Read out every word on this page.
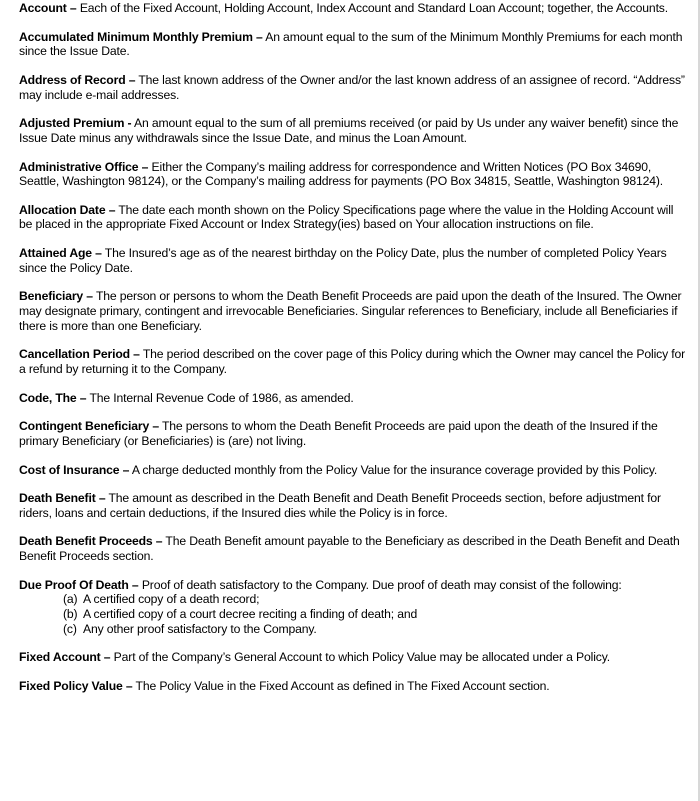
Account – Each of the Fixed Account, Holding Account, Index Account and Standard Loan Account; together, the Accounts.

Accumulated Minimum Monthly Premium – An amount equal to the sum of the Minimum Monthly Premiums for each month since the Issue Date.

Address of Record – The last known address of the Owner and/or the last known address of an assignee of record. “Address” may include e-mail addresses.

Adjusted Premium - An amount equal to the sum of all premiums received (or paid by Us under any waiver benefit) since the Issue Date minus any withdrawals since the Issue Date, and minus the Loan Amount.

Administrative Office – Either the Company’s mailing address for correspondence and Written Notices (PO Box 34690, Seattle, Washington 98124), or the Company’s mailing address for payments (PO Box 34815, Seattle, Washington 98124).

Allocation Date – The date each month shown on the Policy Specifications page where the value in the Holding Account will be placed in the appropriate Fixed Account or Index Strategy(ies) based on Your allocation instructions on file.

Attained Age – The Insured’s age as of the nearest birthday on the Policy Date, plus the number of completed Policy Years since the Policy Date.

Beneficiary – The person or persons to whom the Death Benefit Proceeds are paid upon the death of the Insured. The Owner may designate primary, contingent and irrevocable Beneficiaries. Singular references to Beneficiary, include all Beneficiaries if there is more than one Beneficiary.

Cancellation Period – The period described on the cover page of this Policy during which the Owner may cancel the Policy for a refund by returning it to the Company.

Code, The – The Internal Revenue Code of 1986, as amended.

Contingent Beneficiary – The persons to whom the Death Benefit Proceeds are paid upon the death of the Insured if the primary Beneficiary (or Beneficiaries) is (are) not living.

Cost of Insurance – A charge deducted monthly from the Policy Value for the insurance coverage provided by this Policy.

Death Benefit – The amount as described in the Death Benefit and Death Benefit Proceeds section, before adjustment for riders, loans and certain deductions, if the Insured dies while the Policy is in force.

Death Benefit Proceeds – The Death Benefit amount payable to the Beneficiary as described in the Death Benefit and Death Benefit Proceeds section.

Due Proof Of Death – Proof of death satisfactory to the Company. Due proof of death may consist of the following:
(a) A certified copy of a death record;
(b) A certified copy of a court decree reciting a finding of death; and
(c) Any other proof satisfactory to the Company.

Fixed Account – Part of the Company’s General Account to which Policy Value may be allocated under a Policy.

Fixed Policy Value – The Policy Value in the Fixed Account as defined in The Fixed Account section.
